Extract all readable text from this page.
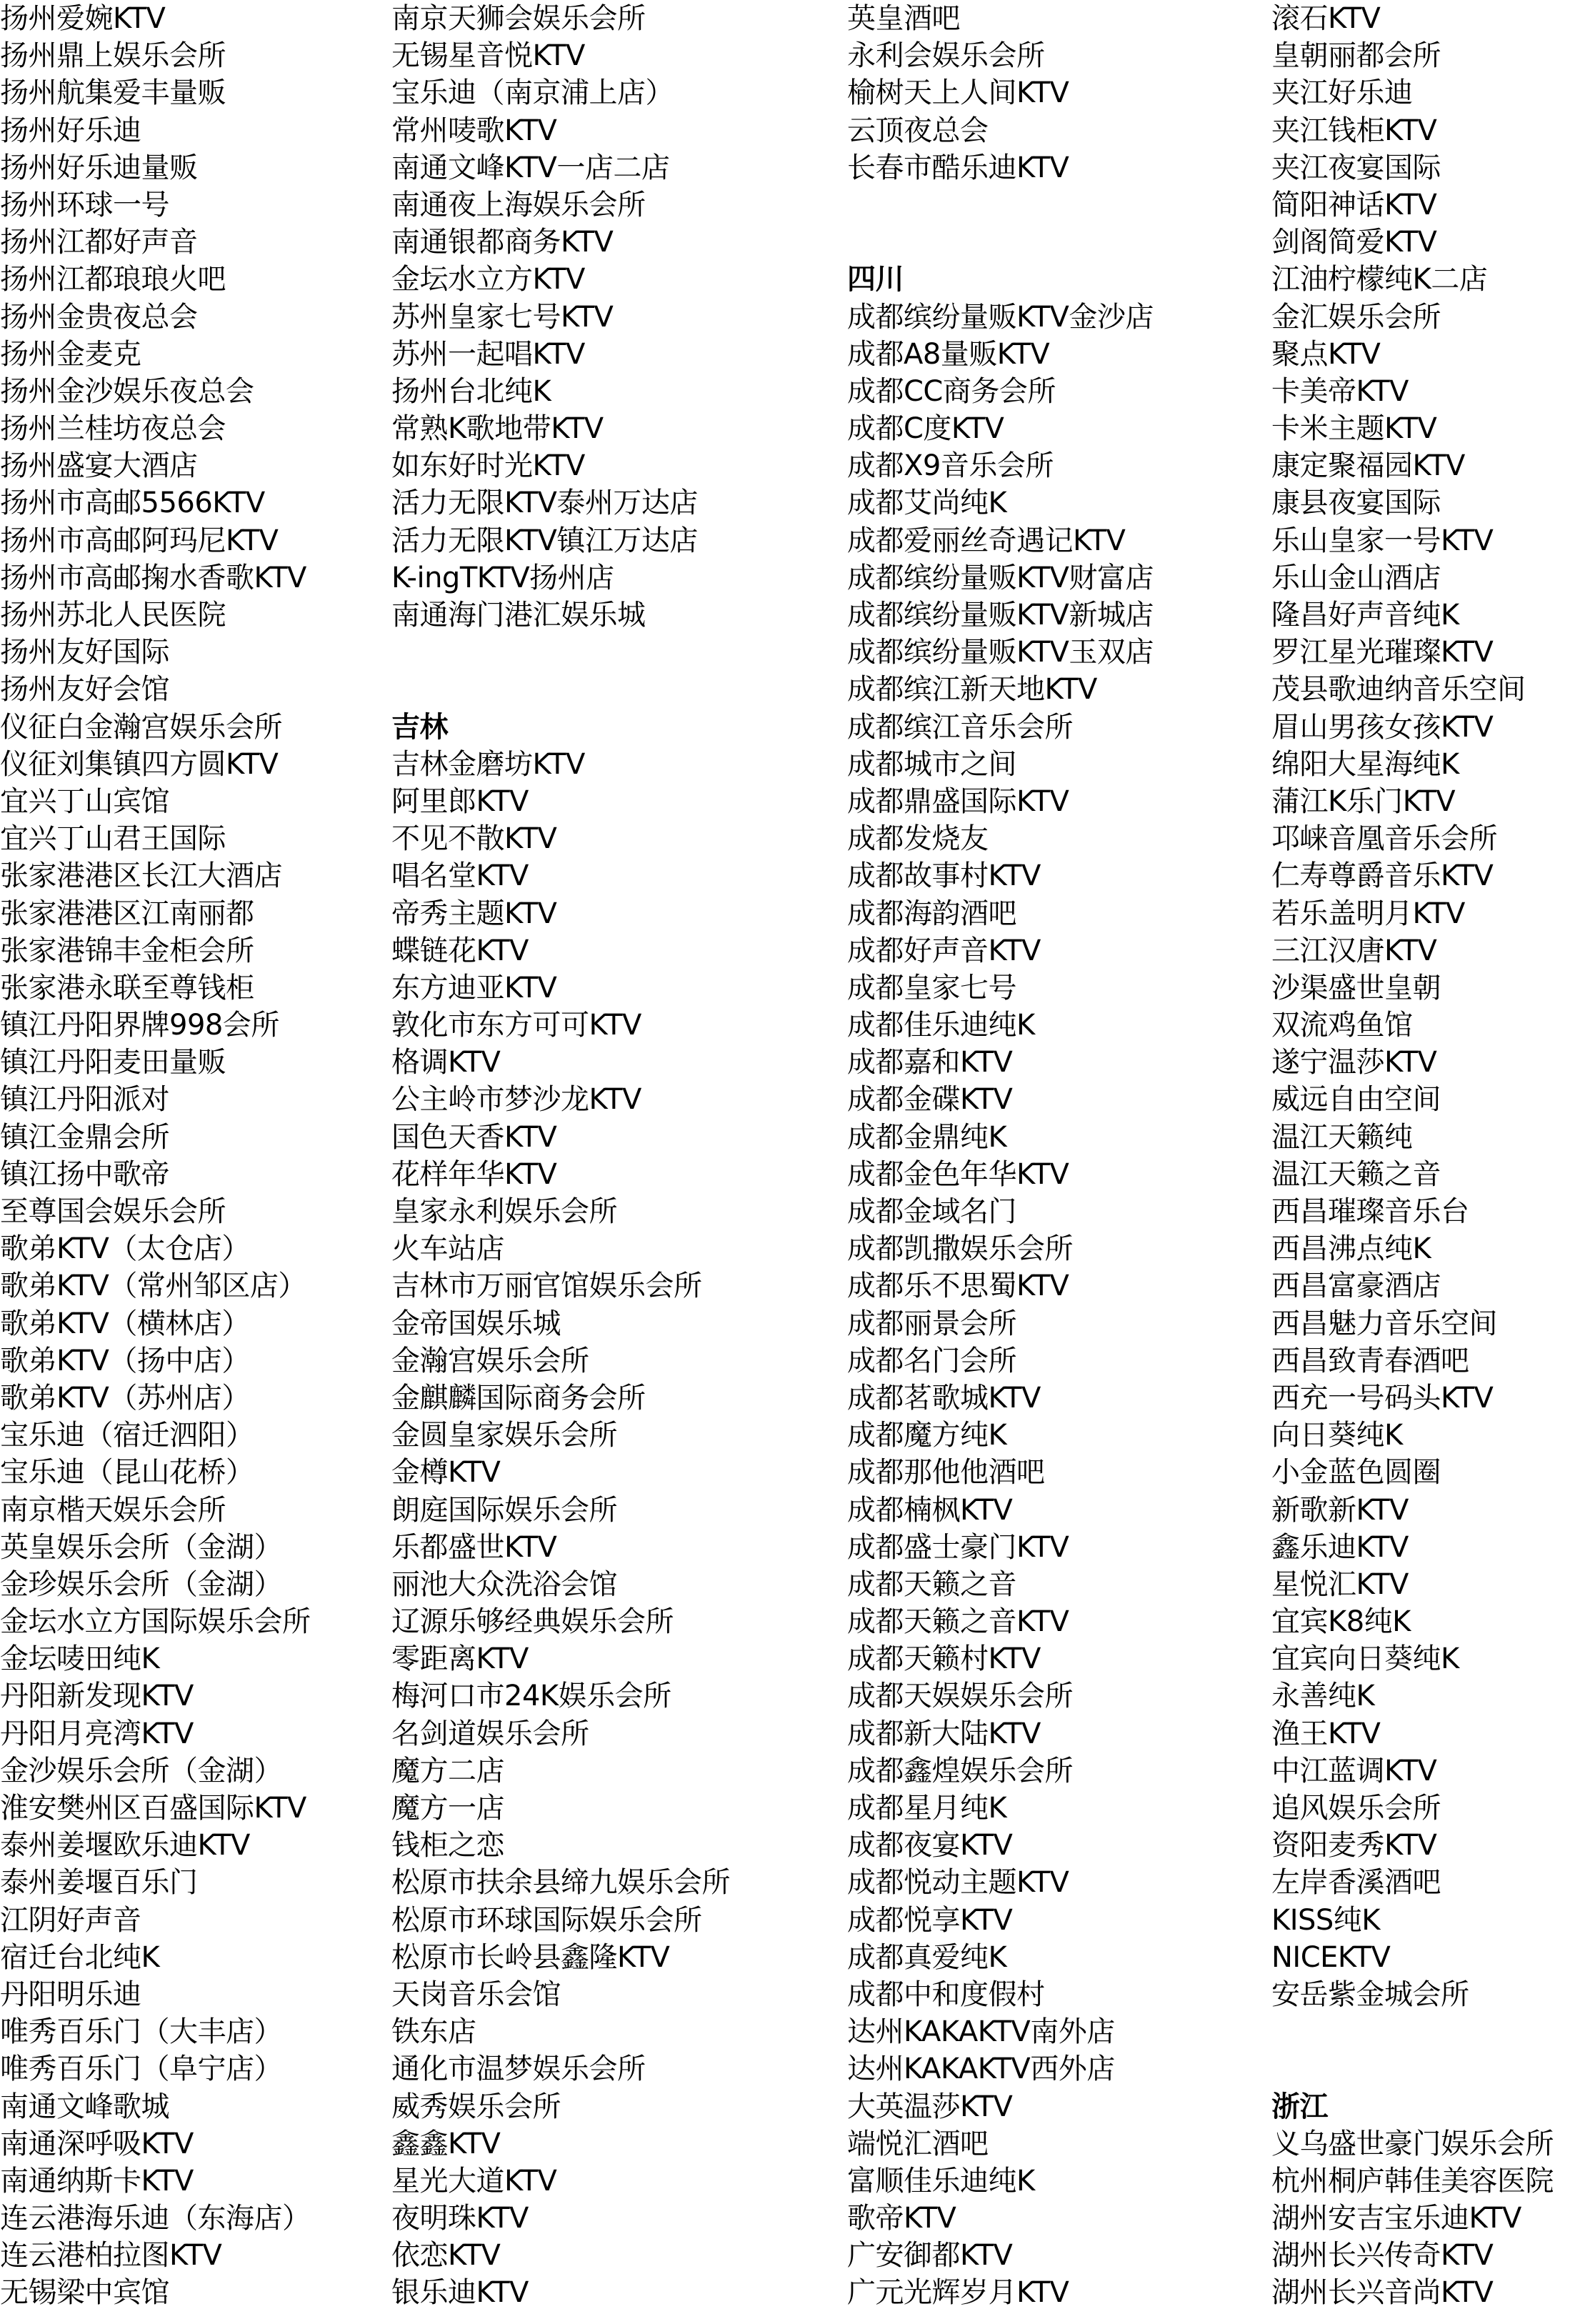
扬州爱婉KTV
扬州鼎上娱乐会所
扬州航集爱丰量贩
扬州好乐迪
扬州好乐迪量贩
扬州环球一号
扬州江都好声音
扬州江都琅琅火吧
扬州金贵夜总会
扬州金麦克
扬州金沙娱乐夜总会
扬州兰桂坊夜总会
扬州盛宴大酒店
扬州市高邮5566KTV
扬州市高邮阿玛尼KTV
扬州市高邮掬水香歌KTV
扬州苏北人民医院
扬州友好国际
扬州友好会馆
仪征白金瀚宫娱乐会所
仪征刘集镇四方圆KTV
宜兴丁山宾馆
宜兴丁山君王国际
张家港港区长江大酒店
张家港港区江南丽都
张家港锦丰金柜会所
张家港永联至尊钱柜
镇江丹阳界牌998会所
镇江丹阳麦田量贩
镇江丹阳派对
镇江金鼎会所
镇江扬中歌帝
至尊国会娱乐会所
歌弟KTV（太仓店）
歌弟KTV（常州邹区店）
歌弟KTV（横林店）
歌弟KTV（扬中店）
歌弟KTV（苏州店）
宝乐迪（宿迁泗阳）
宝乐迪（昆山花桥）
南京楷天娱乐会所
英皇娱乐会所（金湖）
金珍娱乐会所（金湖）
金坛水立方国际娱乐会所
金坛唛田纯K
丹阳新发现KTV
丹阳月亮湾KTV
金沙娱乐会所（金湖）
淮安樊州区百盛国际KTV
泰州姜堰欧乐迪KTV
泰州姜堰百乐门
江阴好声音
宿迁台北纯K
丹阳明乐迪
唯秀百乐门（大丰店）
唯秀百乐门（阜宁店）
南通文峰歌城
南通深呼吸KTV
南通纳斯卡KTV
连云港海乐迪（东海店）
连云港柏拉图KTV
无锡梁中宾馆
南京天狮会娱乐会所
无锡星音悦KTV
宝乐迪（南京浦上店）
常州唛歌KTV
南通文峰KTV一店二店
南通夜上海娱乐会所
南通银都商务KTV
金坛水立方KTV
苏州皇家七号KTV
苏州一起唱KTV
扬州台北纯K
常熟K歌地带KTV
如东好时光KTV
活力无限KTV泰州万达店
活力无限KTV镇江万达店
K-ingTKTV扬州店
南通海门港汇娱乐城
吉林
吉林金磨坊KTV
阿里郎KTV
不见不散KTV
唱名堂KTV
帝秀主题KTV
蝶链花KTV
东方迪亚KTV
敦化市东方可可KTV
格调KTV
公主岭市梦沙龙KTV
国色天香KTV
花样年华KTV
皇家永利娱乐会所
火车站店
吉林市万丽官馆娱乐会所
金帝国娱乐城
金瀚宫娱乐会所
金麒麟国际商务会所
金圆皇家娱乐会所
金樽KTV
朗庭国际娱乐会所
乐都盛世KTV
丽池大众洗浴会馆
辽源乐够经典娱乐会所
零距离KTV
梅河口市24K娱乐会所
名剑道娱乐会所
魔方二店
魔方一店
钱柜之恋
松原市扶余县缔九娱乐会所
松原市环球国际娱乐会所
松原市长岭县鑫隆KTV
天岗音乐会馆
铁东店
通化市温梦娱乐会所
威秀娱乐会所
鑫鑫KTV
星光大道KTV
夜明珠KTV
依恋KTV
银乐迪KTV
英皇酒吧
永利会娱乐会所
榆树天上人间KTV
云顶夜总会
长春市酷乐迪KTV
四川
成都缤纷量贩KTV金沙店
成都A8量贩KTV
成都CC商务会所
成都C度KTV
成都X9音乐会所
成都艾尚纯K
成都爱丽丝奇遇记KTV
成都缤纷量贩KTV财富店
成都缤纷量贩KTV新城店
成都缤纷量贩KTV玉双店
成都缤江新天地KTV
成都缤江音乐会所
成都城市之间
成都鼎盛国际KTV
成都发烧友
成都故事村KTV
成都海韵酒吧
成都好声音KTV
成都皇家七号
成都佳乐迪纯K
成都嘉和KTV
成都金碟KTV
成都金鼎纯K
成都金色年华KTV
成都金域名门
成都凯撒娱乐会所
成都乐不思蜀KTV
成都丽景会所
成都名门会所
成都茗歌城KTV
成都魔方纯K
成都那他他酒吧
成都楠枫KTV
成都盛士豪门KTV
成都天籁之音
成都天籁之音KTV
成都天籁村KTV
成都天娱娱乐会所
成都新大陆KTV
成都鑫煌娱乐会所
成都星月纯K
成都夜宴KTV
成都悦动主题KTV
成都悦享KTV
成都真爱纯K
成都中和度假村
达州KAKAKTV南外店
达州KAKAKTV西外店
大英温莎KTV
端悦汇酒吧
富顺佳乐迪纯K
歌帝KTV
广安御都KTV
广元光辉岁月KTV
滚石KTV
皇朝丽都会所
夹江好乐迪
夹江钱柜KTV
夹江夜宴国际
简阳神话KTV
剑阁简爱KTV
江油柠檬纯K二店
金汇娱乐会所
聚点KTV
卡美帝KTV
卡米主题KTV
康定聚福园KTV
康县夜宴国际
乐山皇家一号KTV
乐山金山酒店
隆昌好声音纯K
罗江星光璀璨KTV
茂县歌迪纳音乐空间
眉山男孩女孩KTV
绵阳大星海纯K
蒲江K乐门KTV
邛崃音凰音乐会所
仁寿尊爵音乐KTV
若乐盖明月KTV
三江汉唐KTV
沙渠盛世皇朝
双流鸡鱼馆
遂宁温莎KTV
威远自由空间
温江天籁纯
温江天籁之音
西昌璀璨音乐台
西昌沸点纯K
西昌富豪酒店
西昌魅力音乐空间
西昌致青春酒吧
西充一号码头KTV
向日葵纯K
小金蓝色圆圈
新歌新KTV
鑫乐迪KTV
星悦汇KTV
宜宾K8纯K
宜宾向日葵纯K
永善纯K
渔王KTV
中江蓝调KTV
追风娱乐会所
资阳麦秀KTV
左岸香溪酒吧
KISS纯K
NICEKTV
安岳紫金城会所
浙江
义乌盛世豪门娱乐会所
杭州桐庐韩佳美容医院
湖州安吉宝乐迪KTV
湖州长兴传奇KTV
湖州长兴音尚KTV
